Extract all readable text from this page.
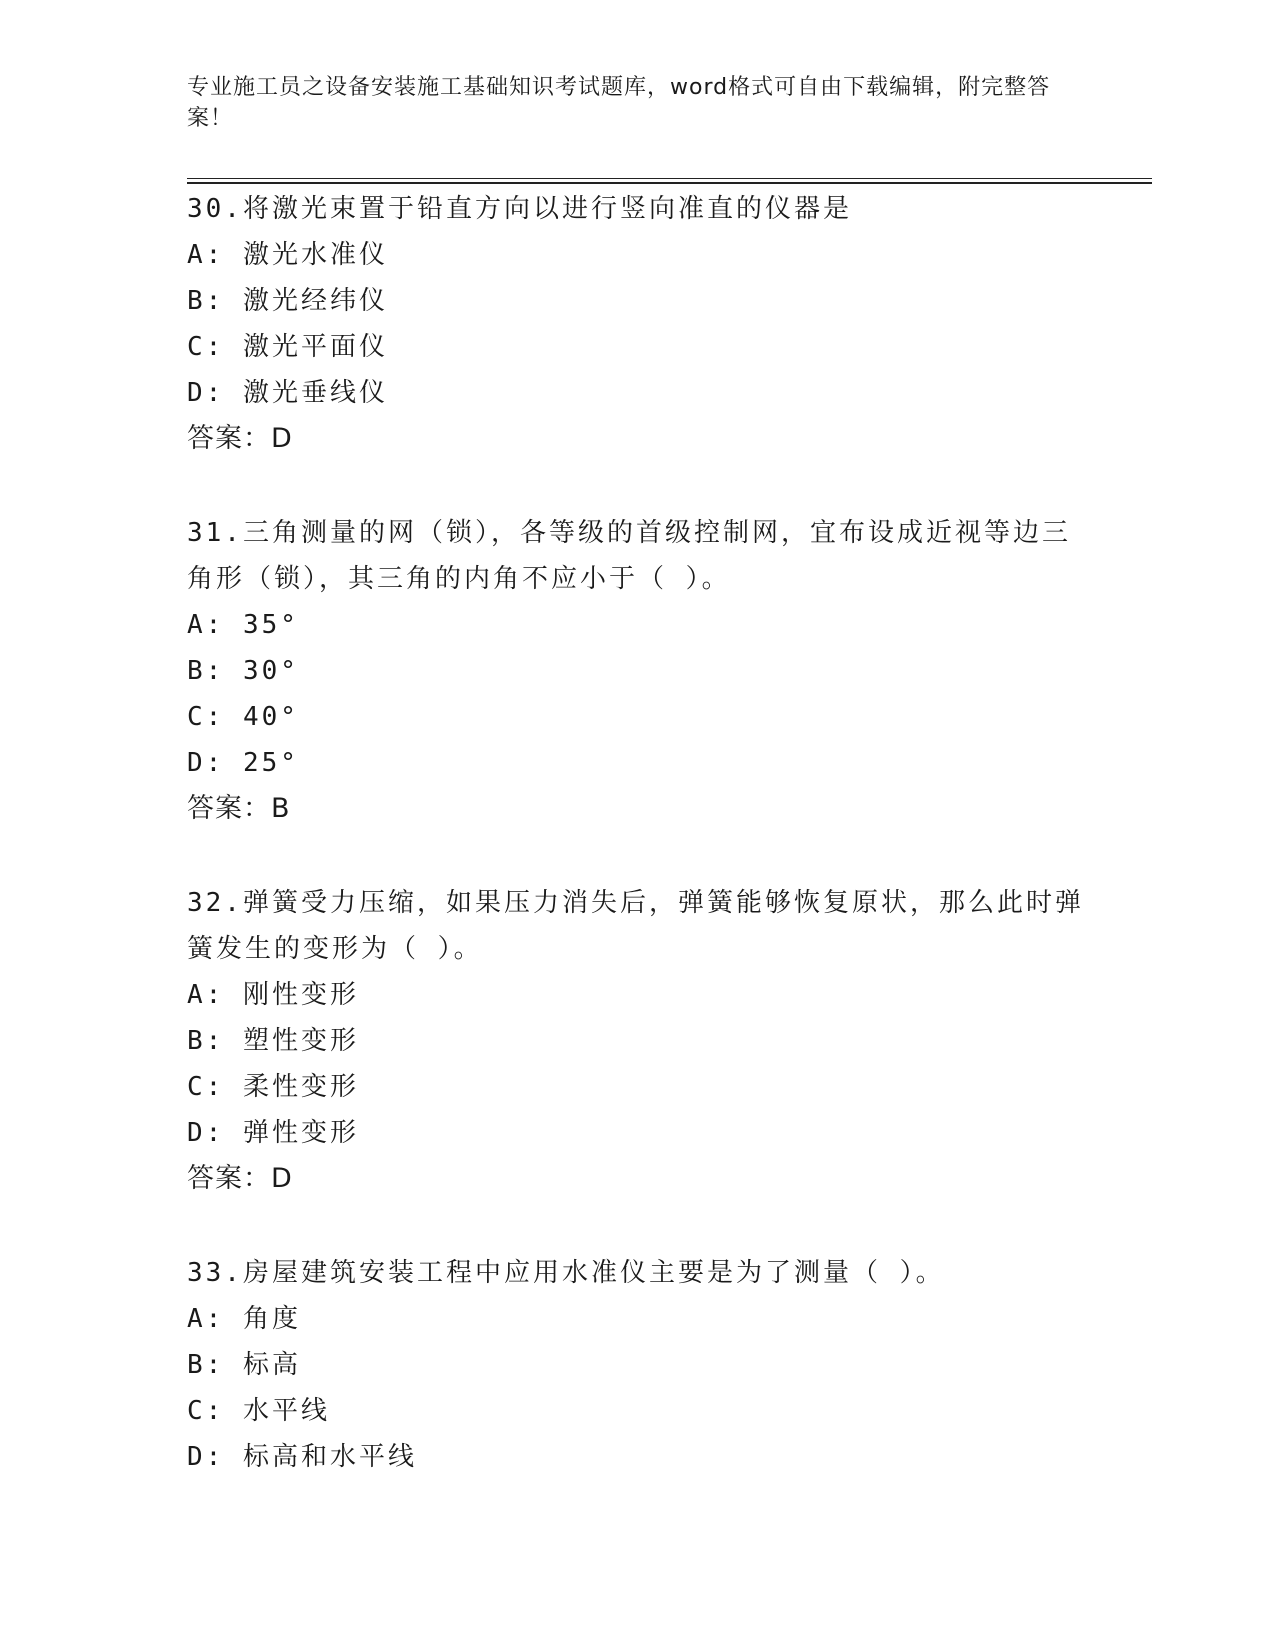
专业施工员之设备安装施工基础知识考试题库，word格式可自由下载编辑，附完整答案！
30.将激光束置于铅直方向以进行竖向准直的仪器是
A: 激光水准仪
B: 激光经纬仪
C: 激光平面仪
D: 激光垂线仪
答案：D
31.三角测量的网（锁），各等级的首级控制网，宜布设成近视等边三角形（锁），其三角的内角不应小于（ ）。
A: 35°
B: 30°
C: 40°
D: 25°
答案：B
32.弹簧受力压缩，如果压力消失后，弹簧能够恢复原状，那么此时弹簧发生的变形为（ ）。
A: 刚性变形
B: 塑性变形
C: 柔性变形
D: 弹性变形
答案：D
33.房屋建筑安装工程中应用水准仪主要是为了测量（ ）。
A: 角度
B: 标高
C: 水平线
D: 标高和水平线
